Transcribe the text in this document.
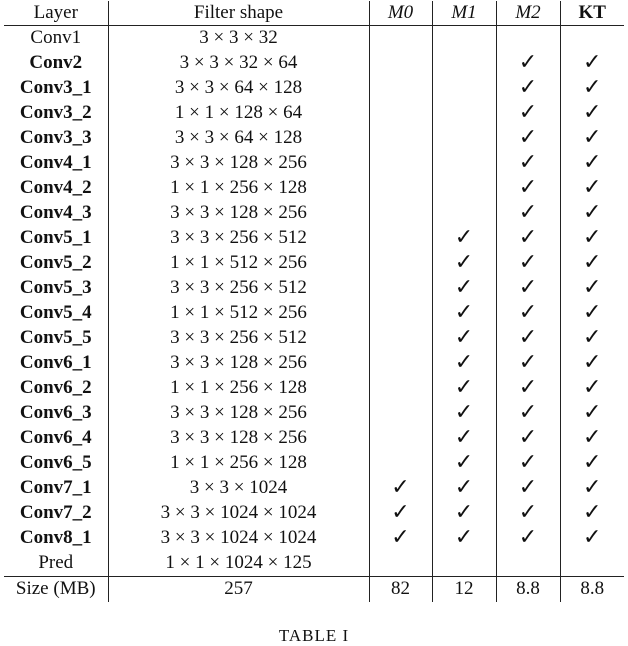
Layer	Filter shape	M0	M1	M2	KT
Conv1	3 × 3 × 32				
Conv2	3 × 3 × 32 × 64			✓	✓
Conv3_1	3 × 3 × 64 × 128			✓	✓
Conv3_2	1 × 1 × 128 × 64			✓	✓
Conv3_3	3 × 3 × 64 × 128			✓	✓
Conv4_1	3 × 3 × 128 × 256			✓	✓
Conv4_2	1 × 1 × 256 × 128			✓	✓
Conv4_3	3 × 3 × 128 × 256			✓	✓
Conv5_1	3 × 3 × 256 × 512		✓	✓	✓
Conv5_2	1 × 1 × 512 × 256		✓	✓	✓
Conv5_3	3 × 3 × 256 × 512		✓	✓	✓
Conv5_4	1 × 1 × 512 × 256		✓	✓	✓
Conv5_5	3 × 3 × 256 × 512		✓	✓	✓
Conv6_1	3 × 3 × 128 × 256		✓	✓	✓
Conv6_2	1 × 1 × 256 × 128		✓	✓	✓
Conv6_3	3 × 3 × 128 × 256		✓	✓	✓
Conv6_4	3 × 3 × 128 × 256		✓	✓	✓
Conv6_5	1 × 1 × 256 × 128		✓	✓	✓
Conv7_1	3 × 3 × 1024	✓	✓	✓	✓
Conv7_2	3 × 3 × 1024 × 1024	✓	✓	✓	✓
Conv8_1	3 × 3 × 1024 × 1024	✓	✓	✓	✓
Pred	1 × 1 × 1024 × 125				
Size (MB)	257	82	12	8.8	8.8
TABLE I
